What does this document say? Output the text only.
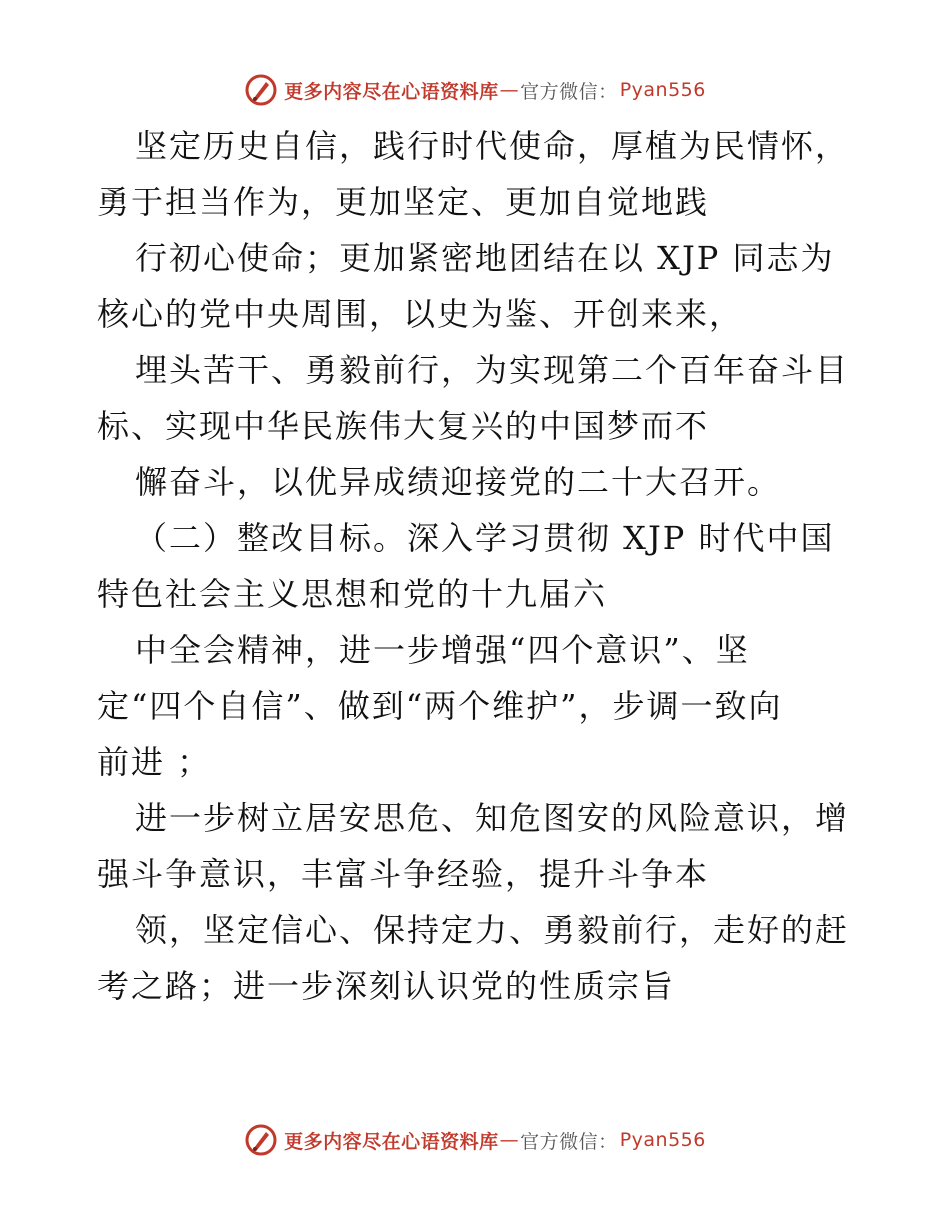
更多内容尽在心语资料库 — 官方微信： Pyan556
坚定历史自信，践行时代使命，厚植为民情怀，
勇于担当作为，更加坚定、更加自觉地践
行初心使命；更加紧密地团结在以 XJP 同志为
核心的党中央周围，以史为鉴、开创来来，
埋头苦干、勇毅前行，为实现第二个百年奋斗目
标、实现中华民族伟大复兴的中国梦而不
懈奋斗，以优异成绩迎接党的二十大召开。
（二）整改目标。深入学习贯彻 XJP 时代中国
特色社会主义思想和党的十九届六
中全会精神，进一步增强“四个意识”、坚
定“四个自信”、做到“两个维护”，步调一致向
前进 ；
进一步树立居安思危、知危图安的风险意识，增
强斗争意识，丰富斗争经验，提升斗争本
领，坚定信心、保持定力、勇毅前行，走好的赶
考之路；进一步深刻认识党的性质宗旨
更多内容尽在心语资料库 — 官方微信： Pyan556
